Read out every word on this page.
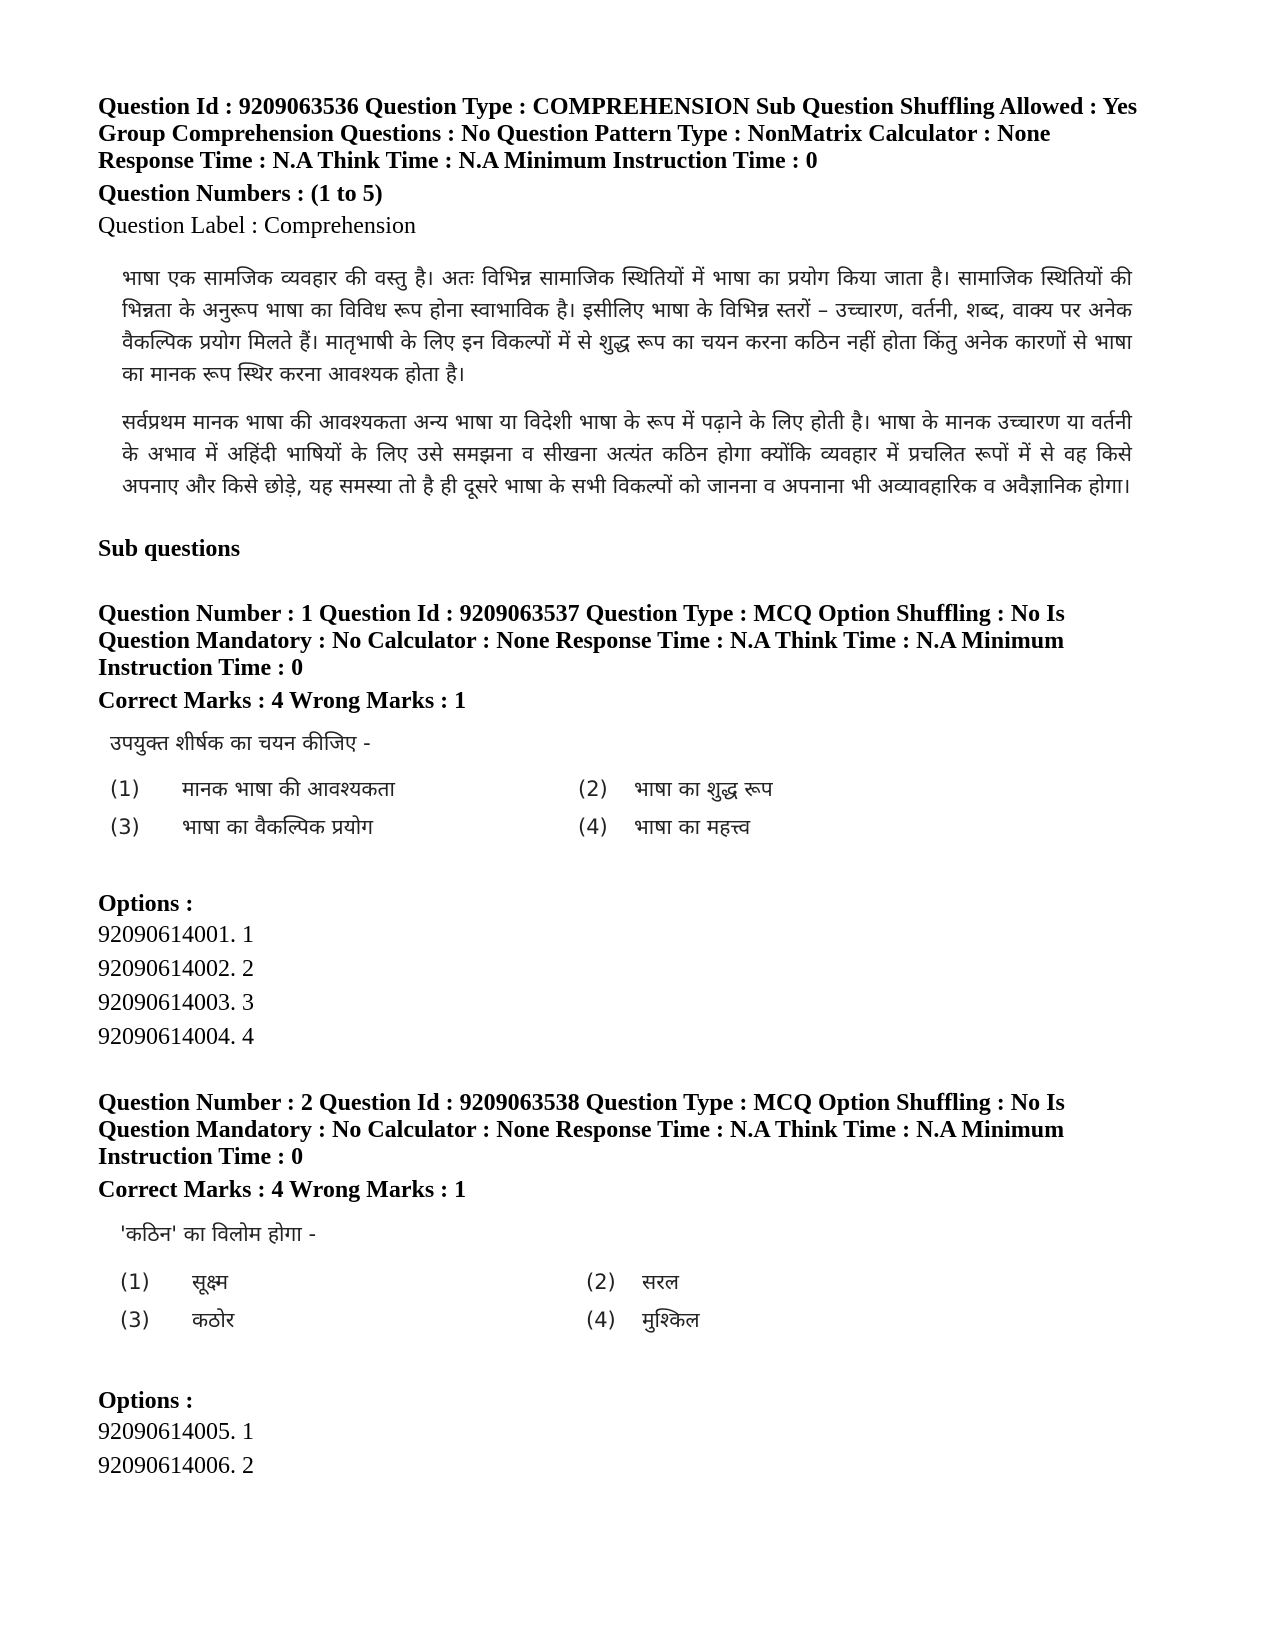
Question Id : 9209063536 Question Type : COMPREHENSION Sub Question Shuffling Allowed : Yes

Group Comprehension Questions : No Question Pattern Type : NonMatrix Calculator : None

Response Time : N.A Think Time : N.A Minimum Instruction Time : 0

Question Numbers : (1 to 5)

Question Label : Comprehension

भाषा एक सामजिक व्यवहार की वस्तु है। अतः विभिन्न सामाजिक स्थितियों में भाषा का प्रयोग किया जाता है। सामाजिक स्थितियों की भिन्नता के अनुरूप भाषा का विविध रूप होना स्वाभाविक है। इसीलिए भाषा के विभिन्न स्तरों – उच्चारण, वर्तनी, शब्द, वाक्य पर अनेक वैकल्पिक प्रयोग मिलते हैं। मातृभाषी के लिए इन विकल्पों में से शुद्ध रूप का चयन करना कठिन नहीं होता किंतु अनेक कारणों से भाषा का मानक रूप स्थिर करना आवश्यक होता है।

सर्वप्रथम मानक भाषा की आवश्यकता अन्य भाषा या विदेशी भाषा के रूप में पढ़ाने के लिए होती है। भाषा के मानक उच्चारण या वर्तनी के अभाव में अहिंदी भाषियों के लिए उसे समझना व सीखना अत्यंत कठिन होगा क्योंकि व्यवहार में प्रचलित रूपों में से वह किसे अपनाए और किसे छोड़े, यह समस्या तो है ही दूसरे भाषा के सभी विकल्पों को जानना व अपनाना भी अव्यावहारिक व अवैज्ञानिक होगा।

Sub questions

Question Number : 1 Question Id : 9209063537 Question Type : MCQ Option Shuffling : No Is

Question Mandatory : No Calculator : None Response Time : N.A Think Time : N.A Minimum

Instruction Time : 0

Correct Marks : 4 Wrong Marks : 1

उपयुक्त शीर्षक का चयन कीजिए -

(1) मानक भाषा की आवश्यकता	(2) भाषा का शुद्ध रूप
(3) भाषा का वैकल्पिक प्रयोग	(4) भाषा का महत्त्व

Options :

92090614001. 1

92090614002. 2

92090614003. 3

92090614004. 4

Question Number : 2 Question Id : 9209063538 Question Type : MCQ Option Shuffling : No Is

Question Mandatory : No Calculator : None Response Time : N.A Think Time : N.A Minimum

Instruction Time : 0

Correct Marks : 4 Wrong Marks : 1

'कठिन' का विलोम होगा -

(1) सूक्ष्म	(2) सरल
(3) कठोर	(4) मुश्किल

Options :

92090614005. 1

92090614006. 2
